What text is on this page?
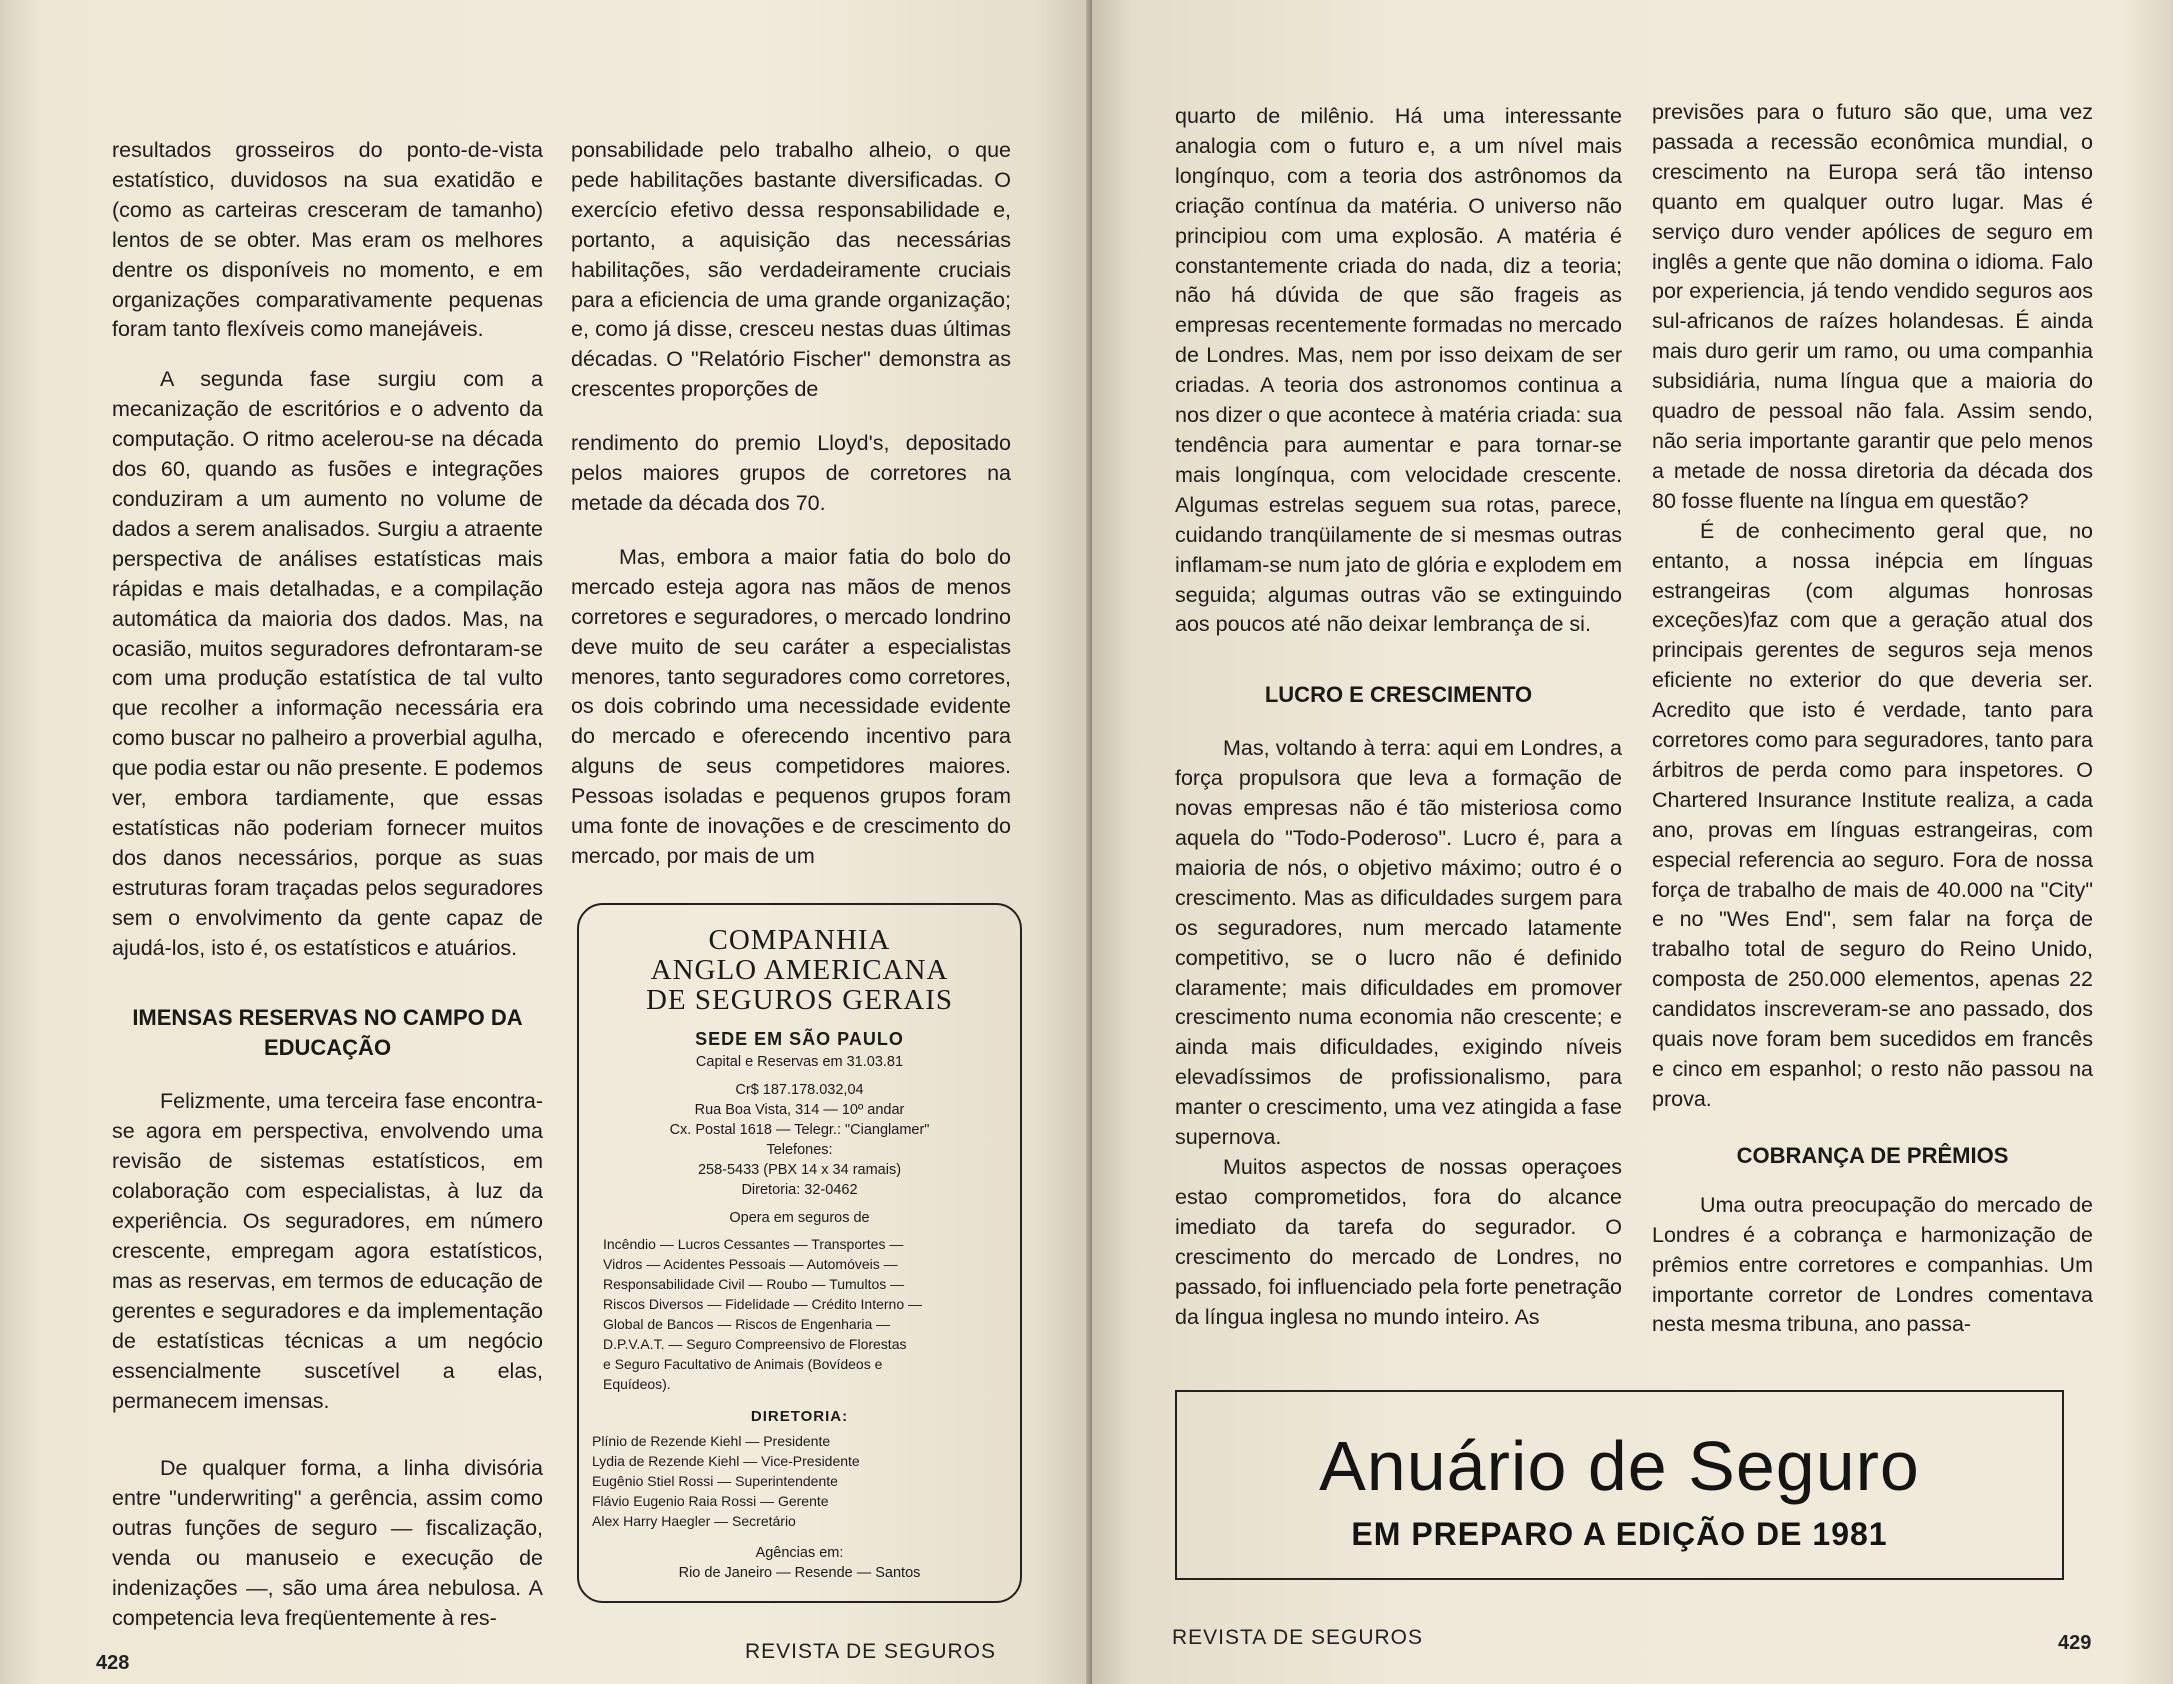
resultados grosseiros do ponto-de-vista estatístico, duvidosos na sua exatidão e (como as carteiras cresceram de tamanho) lentos de se obter. Mas eram os melhores dentre os disponíveis no momento, e em organizações comparativamente pequenas foram tanto flexíveis como manejáveis.

A segunda fase surgiu com a mecanização de escritórios e o advento da computação. O ritmo acelerou-se na década dos 60, quando as fusões e integrações conduziram a um aumento no volume de dados a serem analisados. Surgiu a atraente perspectiva de análises estatísticas mais rápidas e mais detalhadas, e a compilação automática da maioria dos dados. Mas, na ocasião, muitos seguradores defrontaram-se com uma produção estatística de tal vulto que recolher a informação necessária era como buscar no palheiro a proverbial agulha, que podia estar ou não presente. E podemos ver, embora tardiamente, que essas estatísticas não poderiam fornecer muitos dos danos necessários, porque as suas estruturas foram traçadas pelos seguradores sem o envolvimento da gente capaz de ajudá-los, isto é, os estatísticos e atuários.

IMENSAS RESERVAS NO CAMPO DA EDUCAÇÃO

Felizmente, uma terceira fase encontra-se agora em perspectiva, envolvendo uma revisão de sistemas estatísticos, em colaboração com especialistas, à luz da experiência. Os seguradores, em número crescente, empregam agora estatísticos, mas as reservas, em termos de educação de gerentes e seguradores e da implementação de estatísticas técnicas a um negócio essencialmente suscetível a elas, permanecem imensas.

De qualquer forma, a linha divisória entre "underwriting" a gerência, assim como outras funções de seguro — fiscalização, venda ou manuseio e execução de indenizações —, são uma área nebulosa. A competencia leva freqüentemente à res-

ponsabilidade pelo trabalho alheio, o que pede habilitações bastante diversificadas. O exercício efetivo dessa responsabilidade e, portanto, a aquisição das necessárias habilitações, são verdadeiramente cruciais para a eficiencia de uma grande organização; e, como já disse, cresceu nestas duas últimas décadas. O "Relatório Fischer" demonstra as crescentes proporções de

rendimento do premio Lloyd's, depositado pelos maiores grupos de corretores na metade da década dos 70.

Mas, embora a maior fatia do bolo do mercado esteja agora nas mãos de menos corretores e seguradores, o mercado londrino deve muito de seu caráter a especialistas menores, tanto seguradores como corretores, os dois cobrindo uma necessidade evidente do mercado e oferecendo incentivo para alguns de seus competidores maiores. Pessoas isoladas e pequenos grupos foram uma fonte de inovações e de crescimento do mercado, por mais de um

COMPANHIA
ANGLO AMERICANA
DE SEGUROS GERAIS
SEDE EM SÃO PAULO
Capital e Reservas em 31.03.81
Cr$ 187.178.032,04
Rua Boa Vista, 314 — 10º andar
Cx. Postal 1618 — Telegr.: "Cianglamer"
Telefones:
258-5433 (PBX 14 x 34 ramais)
Diretoria: 32-0462
Opera em seguros de
Incêndio — Lucros Cessantes — Transportes —
Vidros — Acidentes Pessoais — Automóveis —
Responsabilidade Civil — Roubo — Tumultos —
Riscos Diversos — Fidelidade — Crédito Interno —
Global de Bancos — Riscos de Engenharia —
D.P.V.A.T. — Seguro Compreensivo de Florestas
e Seguro Facultativo de Animais (Bovídeos e
Equídeos).
DIRETORIA:
Plínio de Rezende Kiehl — Presidente
Lydia de Rezende Kiehl — Vice-Presidente
Eugênio Stiel Rossi — Superintendente
Flávio Eugenio Raia Rossi — Gerente
Alex Harry Haegler — Secretário
Agências em:
Rio de Janeiro — Resende — Santos
428	REVISTA DE SEGUROS

quarto de milênio. Há uma interessante analogia com o futuro e, a um nível mais longínquo, com a teoria dos astrônomos da criação contínua da matéria. O universo não principiou com uma explosão. A matéria é constantemente criada do nada, diz a teoria; não há dúvida de que são frageis as empresas recentemente formadas no mercado de Londres. Mas, nem por isso deixam de ser criadas. A teoria dos astronomos continua a nos dizer o que acontece à matéria criada: sua tendência para aumentar e para tornar-se mais longínqua, com velocidade crescente. Algumas estrelas seguem sua rotas, parece, cuidando tranqüilamente de si mesmas outras inflamam-se num jato de glória e explodem em seguida; algumas outras vão se extinguindo aos poucos até não deixar lembrança de si.

LUCRO E CRESCIMENTO

Mas, voltando à terra: aqui em Londres, a força propulsora que leva a formação de novas empresas não é tão misteriosa como aquela do "Todo-Poderoso". Lucro é, para a maioria de nós, o objetivo máximo; outro é o crescimento. Mas as dificuldades surgem para os seguradores, num mercado latamente competitivo, se o lucro não é definido claramente; mais dificuldades em promover crescimento numa economia não crescente; e ainda mais dificuldades, exigindo níveis elevadíssimos de profissionalismo, para manter o crescimento, uma vez atingida a fase supernova.

Muitos aspectos de nossas operaçoes estao comprometidos, fora do alcance imediato da tarefa do segurador. O crescimento do mercado de Londres, no passado, foi influenciado pela forte penetração da língua inglesa no mundo inteiro. As

previsões para o futuro são que, uma vez passada a recessão econômica mundial, o crescimento na Europa será tão intenso quanto em qualquer outro lugar. Mas é serviço duro vender apólices de seguro em inglês a gente que não domina o idioma. Falo por experiencia, já tendo vendido seguros aos sul-africanos de raízes holandesas. É ainda mais duro gerir um ramo, ou uma companhia subsidiária, numa língua que a maioria do quadro de pessoal não fala. Assim sendo, não seria importante garantir que pelo menos a metade de nossa diretoria da década dos 80 fosse fluente na língua em questão?

É de conhecimento geral que, no entanto, a nossa inépcia em línguas estrangeiras (com algumas honrosas exceções)faz com que a geração atual dos principais gerentes de seguros seja menos eficiente no exterior do que deveria ser. Acredito que isto é verdade, tanto para corretores como para seguradores, tanto para árbitros de perda como para inspetores. O Chartered Insurance Institute realiza, a cada ano, provas em línguas estrangeiras, com especial referencia ao seguro. Fora de nossa força de trabalho de mais de 40.000 na "City" e no "Wes End", sem falar na força de trabalho total de seguro do Reino Unido, composta de 250.000 elementos, apenas 22 candidatos inscreveram-se ano passado, dos quais nove foram bem sucedidos em francês e cinco em espanhol; o resto não passou na prova.

COBRANÇA DE PRÊMIOS

Uma outra preocupação do mercado de Londres é a cobrança e harmonização de prêmios entre corretores e companhias. Um importante corretor de Londres comentava nesta mesma tribuna, ano passa-

Anuário de Seguro
EM PREPARO A EDIÇÃO DE 1981
REVISTA DE SEGUROS	429
